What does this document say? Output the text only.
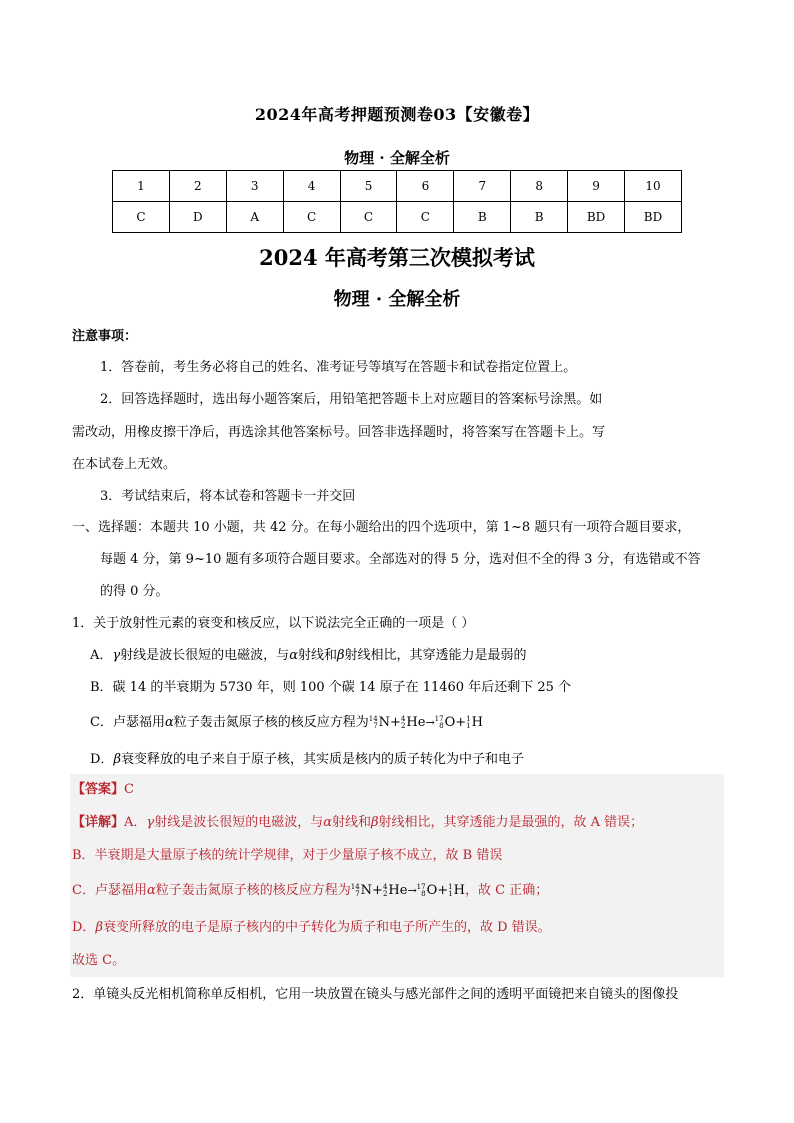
2024年高考押题预测卷03【安徽卷】
物理 · 全解全析
1	2	3	4	5	6	7	8	9	10
C	D	A	C	C	C	B	B	BD	BD
2024 年高考第三次模拟考试
物理 · 全解全析
注意事项：
1．答卷前，考生务必将自己的姓名、准考证号等填写在答题卡和试卷指定位置上。
2．回答选择题时，选出每小题答案后，用铅笔把答题卡上对应题目的答案标号涂黑。如
需改动，用橡皮擦干净后，再选涂其他答案标号。回答非选择题时，将答案写在答题卡上。写
在本试卷上无效。
3．考试结束后，将本试卷和答题卡一并交回
一、选择题：本题共 10 小题，共 42 分。在每小题给出的四个选项中，第 1~8 题只有一项符合题目要求，
每题 4 分，第 9~10 题有多项符合题目要求。全部选对的得 5 分，选对但不全的得 3 分，有选错或不答
的得 0 分。
1．关于放射性元素的衰变和核反应，以下说法完全正确的一项是（ ）
A．γ射线是波长很短的电磁波，与α射线和β射线相比，其穿透能力是最弱的
B．碳 14 的半衰期为 5730 年，则 100 个碳 14 原子在 11460 年后还剩下 25 个
C．卢瑟福用α粒子轰击氮原子核的核反应方程为 14
7 N+ 4
2 He→ 17
8 O+ 1
1 H
D．β衰变释放的电子来自于原子核，其实质是核内的质子转化为中子和电子
【答案】C
【详解】A．γ射线是波长很短的电磁波，与α射线和β射线相比，其穿透能力是最强的，故 A 错误；
B．半衰期是大量原子核的统计学规律，对于少量原子核不成立，故 B 错误
C．卢瑟福用α粒子轰击氮原子核的核反应方程为 14
7 N+ 4
2 He→ 17
8 O+ 1
1 H，故 C 正确；
D．β衰变所释放的电子是原子核内的中子转化为质子和电子所产生的，故 D 错误。
故选 C。
2．单镜头反光相机简称单反相机，它用一块放置在镜头与感光部件之间的透明平面镜把来自镜头的图像投
